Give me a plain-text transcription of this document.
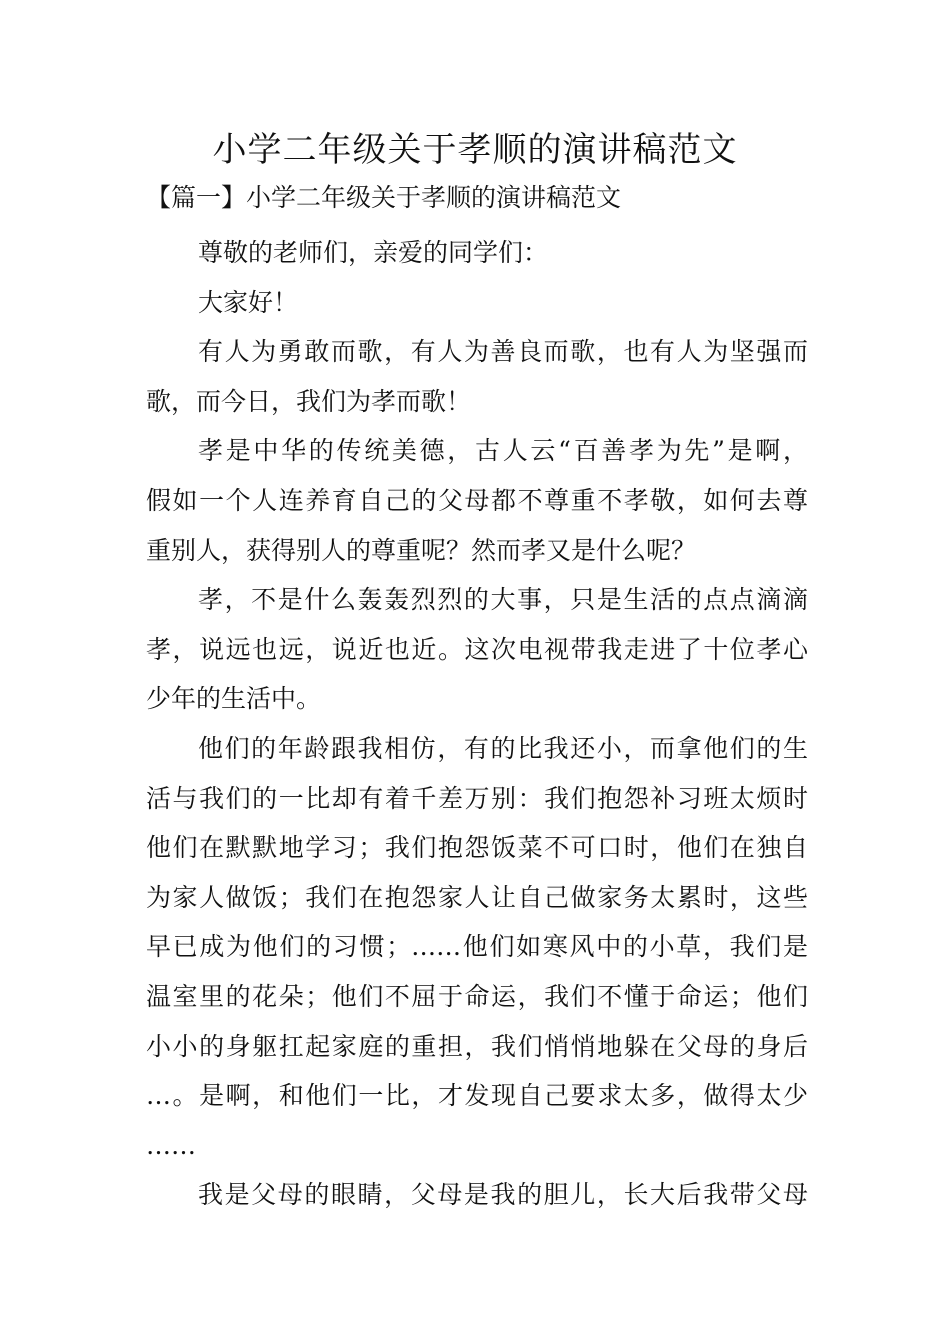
小学二年级关于孝顺的演讲稿范文

【篇一】小学二年级关于孝顺的演讲稿范文

尊敬的老师们，亲爱的同学们：
大家好！
有人为勇敢而歌，有人为善良而歌，也有人为坚强而
歌，而今日，我们为孝而歌！
孝是中华的传统美德，古人云“百善孝为先”是啊，
假如一个人连养育自己的父母都不尊重不孝敬，如何去尊
重别人，获得别人的尊重呢？然而孝又是什么呢？
孝，不是什么轰轰烈烈的大事，只是生活的点点滴滴
孝，说远也远，说近也近。这次电视带我走进了十位孝心
少年的生活中。
他们的年龄跟我相仿，有的比我还小，而拿他们的生
活与我们的一比却有着千差万别：我们抱怨补习班太烦时
他们在默默地学习；我们抱怨饭菜不可口时，他们在独自
为家人做饭；我们在抱怨家人让自己做家务太累时，这些
早已成为他们的习惯；……他们如寒风中的小草，我们是
温室里的花朵；他们不屈于命运，我们不懂于命运；他们
小小的身躯扛起家庭的重担，我们悄悄地躲在父母的身后
…。是啊，和他们一比，才发现自己要求太多，做得太少
……
我是父母的眼睛，父母是我的胆儿，长大后我带父母
